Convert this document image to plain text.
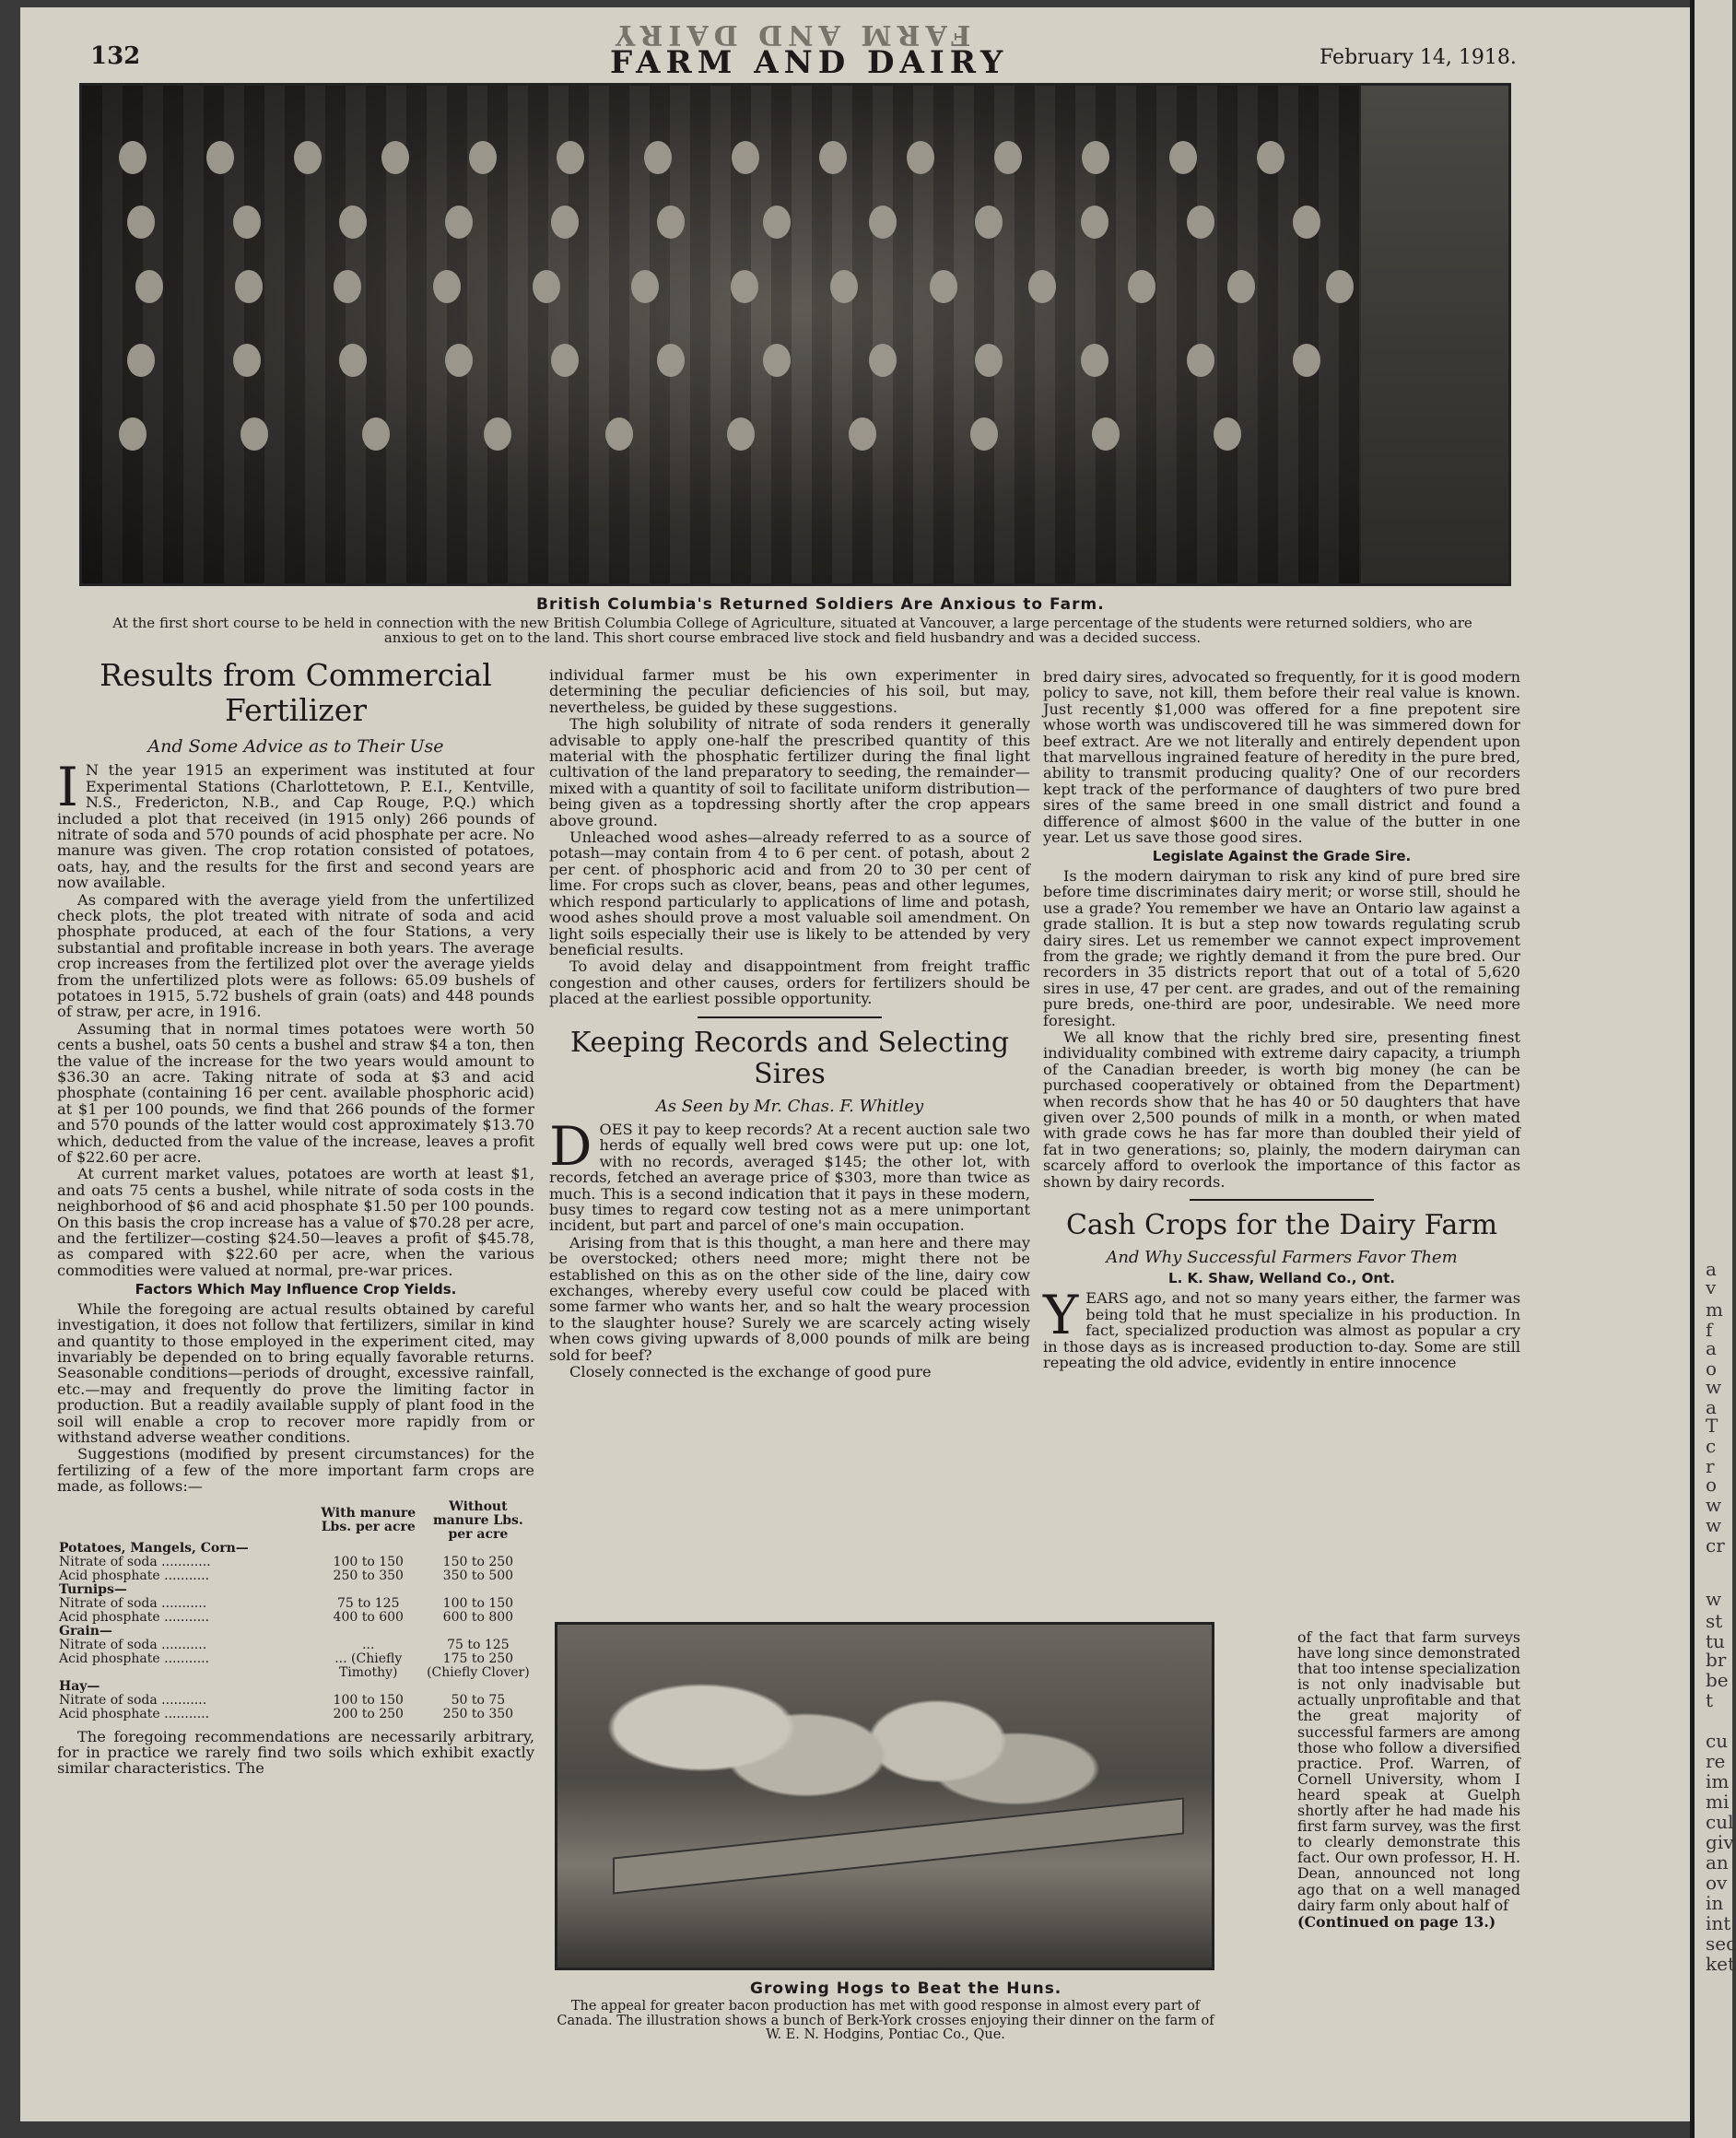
132
FARM AND DAIRY
FARM AND DAIRY	February 14, 1918.
British Columbia's Returned Soldiers Are Anxious to Farm.
At the first short course to be held in connection with the new British Columbia College of Agriculture, situated at Vancouver, a large percentage of the students were returned soldiers, who are anxious to get on to the land. This short course embraced live stock and field husbandry and was a decided success.
Results from Commercial Fertilizer
And Some Advice as to Their Use

I N the year 1915 an experiment was instituted at four Experimental Stations (Charlottetown, P. E.I., Kentville, N.S., Fredericton, N.B., and Cap Rouge, P.Q.) which included a plot that received (in 1915 only) 266 pounds of nitrate of soda and 570 pounds of acid phosphate per acre. No manure was given. The crop rotation consisted of potatoes, oats, hay, and the results for the first and second years are now available.

As compared with the average yield from the unfertilized check plots, the plot treated with nitrate of soda and acid phosphate produced, at each of the four Stations, a very substantial and profitable increase in both years. The average crop increases from the fertilized plot over the average yields from the unfertilized plots were as follows: 65.09 bushels of potatoes in 1915, 5.72 bushels of grain (oats) and 448 pounds of straw, per acre, in 1916.

Assuming that in normal times potatoes were worth 50 cents a bushel, oats 50 cents a bushel and straw $4 a ton, then the value of the increase for the two years would amount to $36.30 an acre. Taking nitrate of soda at $3 and acid phosphate (containing 16 per cent. available phosphoric acid) at $1 per 100 pounds, we find that 266 pounds of the former and 570 pounds of the latter would cost approximately $13.70 which, deducted from the value of the increase, leaves a profit of $22.60 per acre.

At current market values, potatoes are worth at least $1, and oats 75 cents a bushel, while nitrate of soda costs in the neighborhood of $6 and acid phosphate $1.50 per 100 pounds. On this basis the crop increase has a value of $70.28 per acre, and the fertilizer—costing $24.50—leaves a profit of $45.78, as compared with $22.60 per acre, when the various commodities were valued at normal, pre-war prices.

Factors Which May Influence Crop Yields.

While the foregoing are actual results obtained by careful investigation, it does not follow that fertilizers, similar in kind and quantity to those employed in the experiment cited, may invariably be depended on to bring equally favorable returns. Seasonable conditions—periods of drought, excessive rainfall, etc.—may and frequently do prove the limiting factor in production. But a readily available supply of plant food in the soil will enable a crop to recover more rapidly from or withstand adverse weather conditions.

Suggestions (modified by present circumstances) for the fertilizing of a few of the more important farm crops are made, as follows:—

	With manure Lbs. per acre	Without manure Lbs. per acre
Potatoes, Mangels, Corn—		
Nitrate of soda ............	100 to 150	150 to 250
Acid phosphate ...........	250 to 350	350 to 500
Turnips—		
Nitrate of soda ...........	75 to 125	100 to 150
Acid phosphate ...........	400 to 600	600 to 800
Grain—		
Nitrate of soda ...........	...	75 to 125
Acid phosphate ...........	... (Chiefly Timothy)	175 to 250 (Chiefly Clover)
Hay—		
Nitrate of soda ...........	100 to 150	50 to 75
Acid phosphate ...........	200 to 250	250 to 350

The foregoing recommendations are necessarily arbitrary, for in practice we rarely find two soils which exhibit exactly similar characteristics. The

individual farmer must be his own experimenter in determining the peculiar deficiencies of his soil, but may, nevertheless, be guided by these suggestions.

The high solubility of nitrate of soda renders it generally advisable to apply one-half the prescribed quantity of this material with the phosphatic fertilizer during the final light cultivation of the land preparatory to seeding, the remainder—mixed with a quantity of soil to facilitate uniform distribution—being given as a topdressing shortly after the crop appears above ground.

Unleached wood ashes—already referred to as a source of potash—may contain from 4 to 6 per cent. of potash, about 2 per cent. of phosphoric acid and from 20 to 30 per cent of lime. For crops such as clover, beans, peas and other legumes, which respond particularly to applications of lime and potash, wood ashes should prove a most valuable soil amendment. On light soils especially their use is likely to be attended by very beneficial results.

To avoid delay and disappointment from freight traffic congestion and other causes, orders for fertilizers should be placed at the earliest possible opportunity.

Keeping Records and Selecting Sires
As Seen by Mr. Chas. F. Whitley

DOES it pay to keep records? At a recent auction sale two herds of equally well bred cows were put up: one lot, with no records, averaged $145; the other lot, with records, fetched an average price of $303, more than twice as much. This is a second indication that it pays in these modern, busy times to regard cow testing not as a mere unimportant incident, but part and parcel of one's main occupation.

Arising from that is this thought, a man here and there may be overstocked; others need more; might there not be established on this as on the other side of the line, dairy cow exchanges, whereby every useful cow could be placed with some farmer who wants her, and so halt the weary procession to the slaughter house? Surely we are scarcely acting wisely when cows giving upwards of 8,000 pounds of milk are being sold for beef?

Closely connected is the exchange of good pure

bred dairy sires, advocated so frequently, for it is good modern policy to save, not kill, them before their real value is known. Just recently $1,000 was offered for a fine prepotent sire whose worth was undiscovered till he was simmered down for beef extract. Are we not literally and entirely dependent upon that marvellous ingrained feature of heredity in the pure bred, ability to transmit producing quality? One of our recorders kept track of the performance of daughters of two pure bred sires of the same breed in one small district and found a difference of almost $600 in the value of the butter in one year. Let us save those good sires.

Legislate Against the Grade Sire.

Is the modern dairyman to risk any kind of pure bred sire before time discriminates dairy merit; or worse still, should he use a grade? You remember we have an Ontario law against a grade stallion. It is but a step now towards regulating scrub dairy sires. Let us remember we cannot expect improvement from the grade; we rightly demand it from the pure bred. Our recorders in 35 districts report that out of a total of 5,620 sires in use, 47 per cent. are grades, and out of the remaining pure breds, one-third are poor, undesirable. We need more foresight.

We all know that the richly bred sire, presenting finest individuality combined with extreme dairy capacity, a triumph of the Canadian breeder, is worth big money (he can be purchased cooperatively or obtained from the Department) when records show that he has 40 or 50 daughters that have given over 2,500 pounds of milk in a month, or when mated with grade cows he has far more than doubled their yield of fat in two generations; so, plainly, the modern dairyman can scarcely afford to overlook the importance of this factor as shown by dairy records.

Cash Crops for the Dairy Farm
And Why Successful Farmers Favor Them
L. K. Shaw, Welland Co., Ont.

YEARS ago, and not so many years either, the farmer was being told that he must specialize in his production. In fact, specialized production was almost as popular a cry in those days as is increased production to-day. Some are still repeating the old advice, evidently in entire innocence

of the fact that farm surveys have long since demonstrated that too intense specialization is not only inadvisable but actually unprofitable and that the great majority of successful farmers are among those who follow a diversified practice. Prof. Warren, of Cornell University, whom I heard speak at Guelph shortly after he had made his first farm survey, was the first to clearly demonstrate this fact. Our own professor, H. H. Dean, announced not long ago that on a well managed dairy farm only about half of

(Continued on page 13.)

Growing Hogs to Beat the Huns.
The appeal for greater bacon production has met with good response in almost every part of Canada. The illustration shows a bunch of Berk-York crosses enjoying their dinner on the farm of W. E. N. Hodgins, Pontiac Co., Que.
a
v
m
f
a
o
w
a
T
c
r
o
w
w
cr
w
st
tu
br
be
t
cu
re
im
mi
cul
giv
an
ov
in
int
sec
ket
